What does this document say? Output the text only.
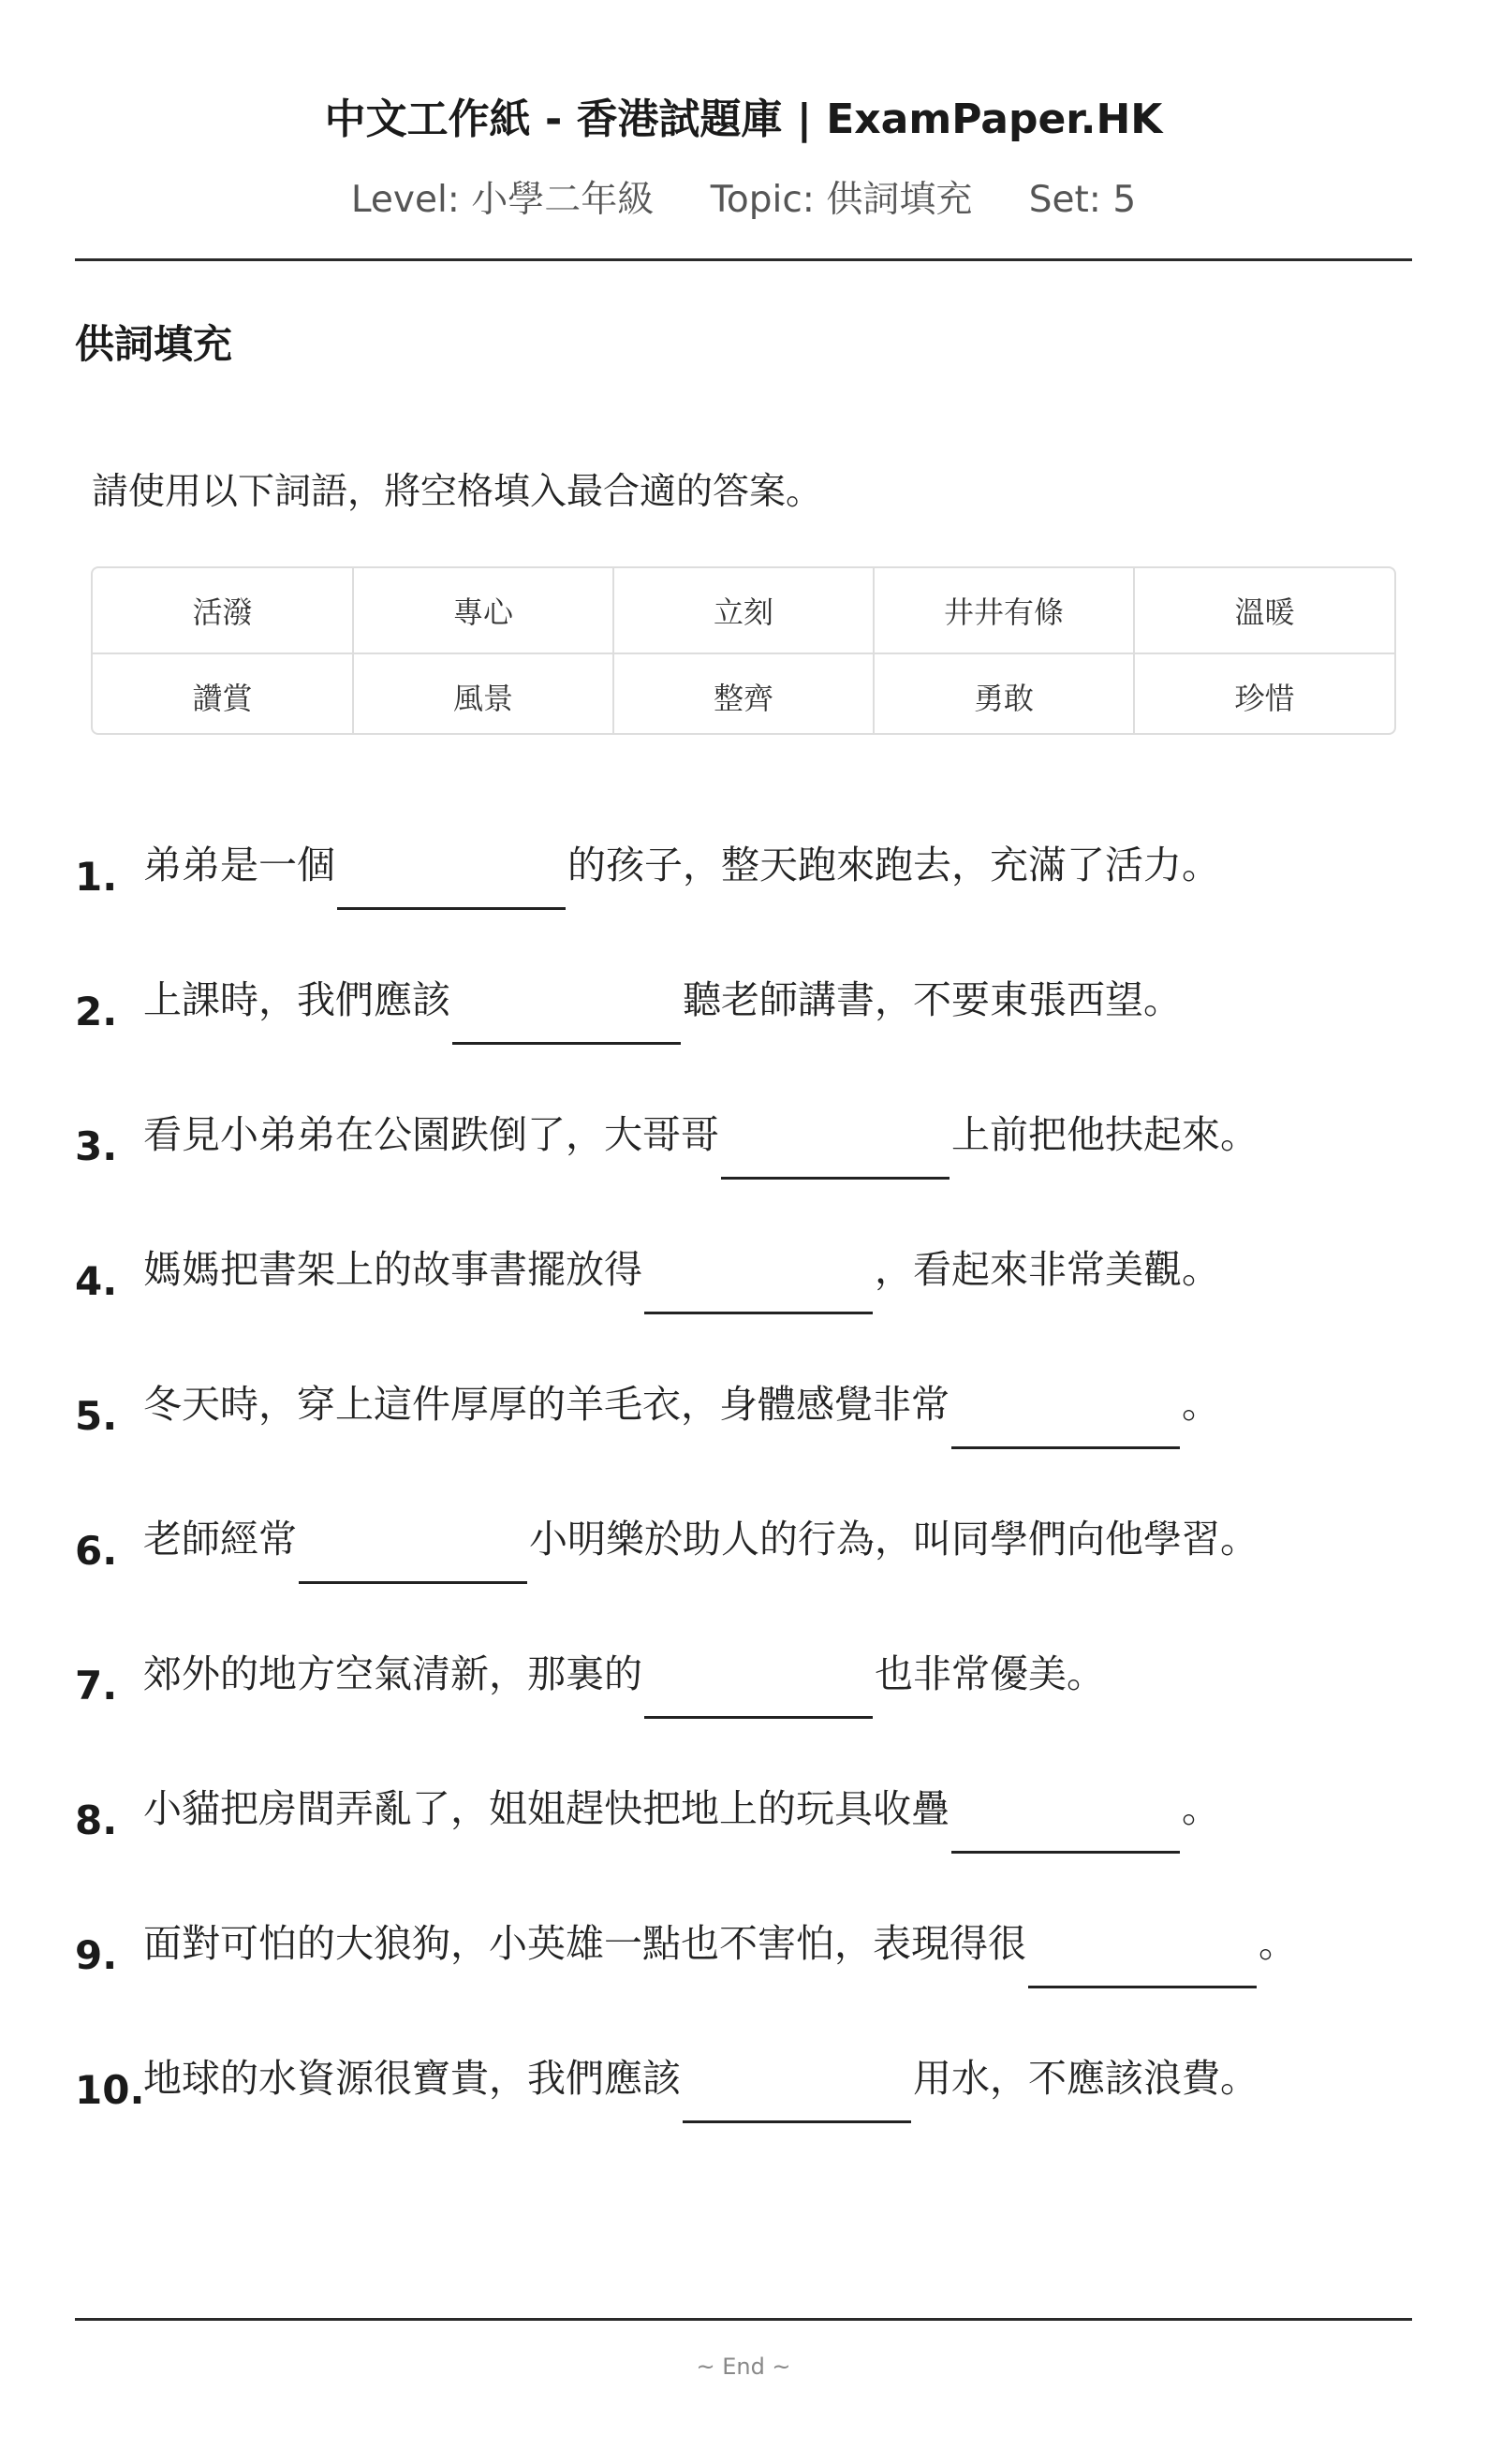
中文工作紙 - 香港試題庫 | ExamPaper.HK
Level: 小學二年級 Topic: 供詞填充 Set: 5
供詞填充
請使用以下詞語，將空格填入最合適的答案。
活潑	專心	立刻	井井有條	溫暖
讚賞	風景	整齊	勇敢	珍惜
1. 弟弟是一個	的孩子，整天跑來跑去，充滿了活力。
2. 上課時，我們應該	聽老師講書，不要東張西望。
3. 看見小弟弟在公園跌倒了，大哥哥	上前把他扶起來。
4. 媽媽把書架上的故事書擺放得	，看起來非常美觀。
5. 冬天時，穿上這件厚厚的羊毛衣，身體感覺非常	。
6. 老師經常	小明樂於助人的行為，叫同學們向他學習。
7. 郊外的地方空氣清新，那裏的	也非常優美。
8. 小貓把房間弄亂了，姐姐趕快把地上的玩具收疊	。
9. 面對可怕的大狼狗，小英雄一點也不害怕，表現得很	。
10.
地球的水資源很寶貴，我們應該	用水，不應該浪費。
~ End ~
